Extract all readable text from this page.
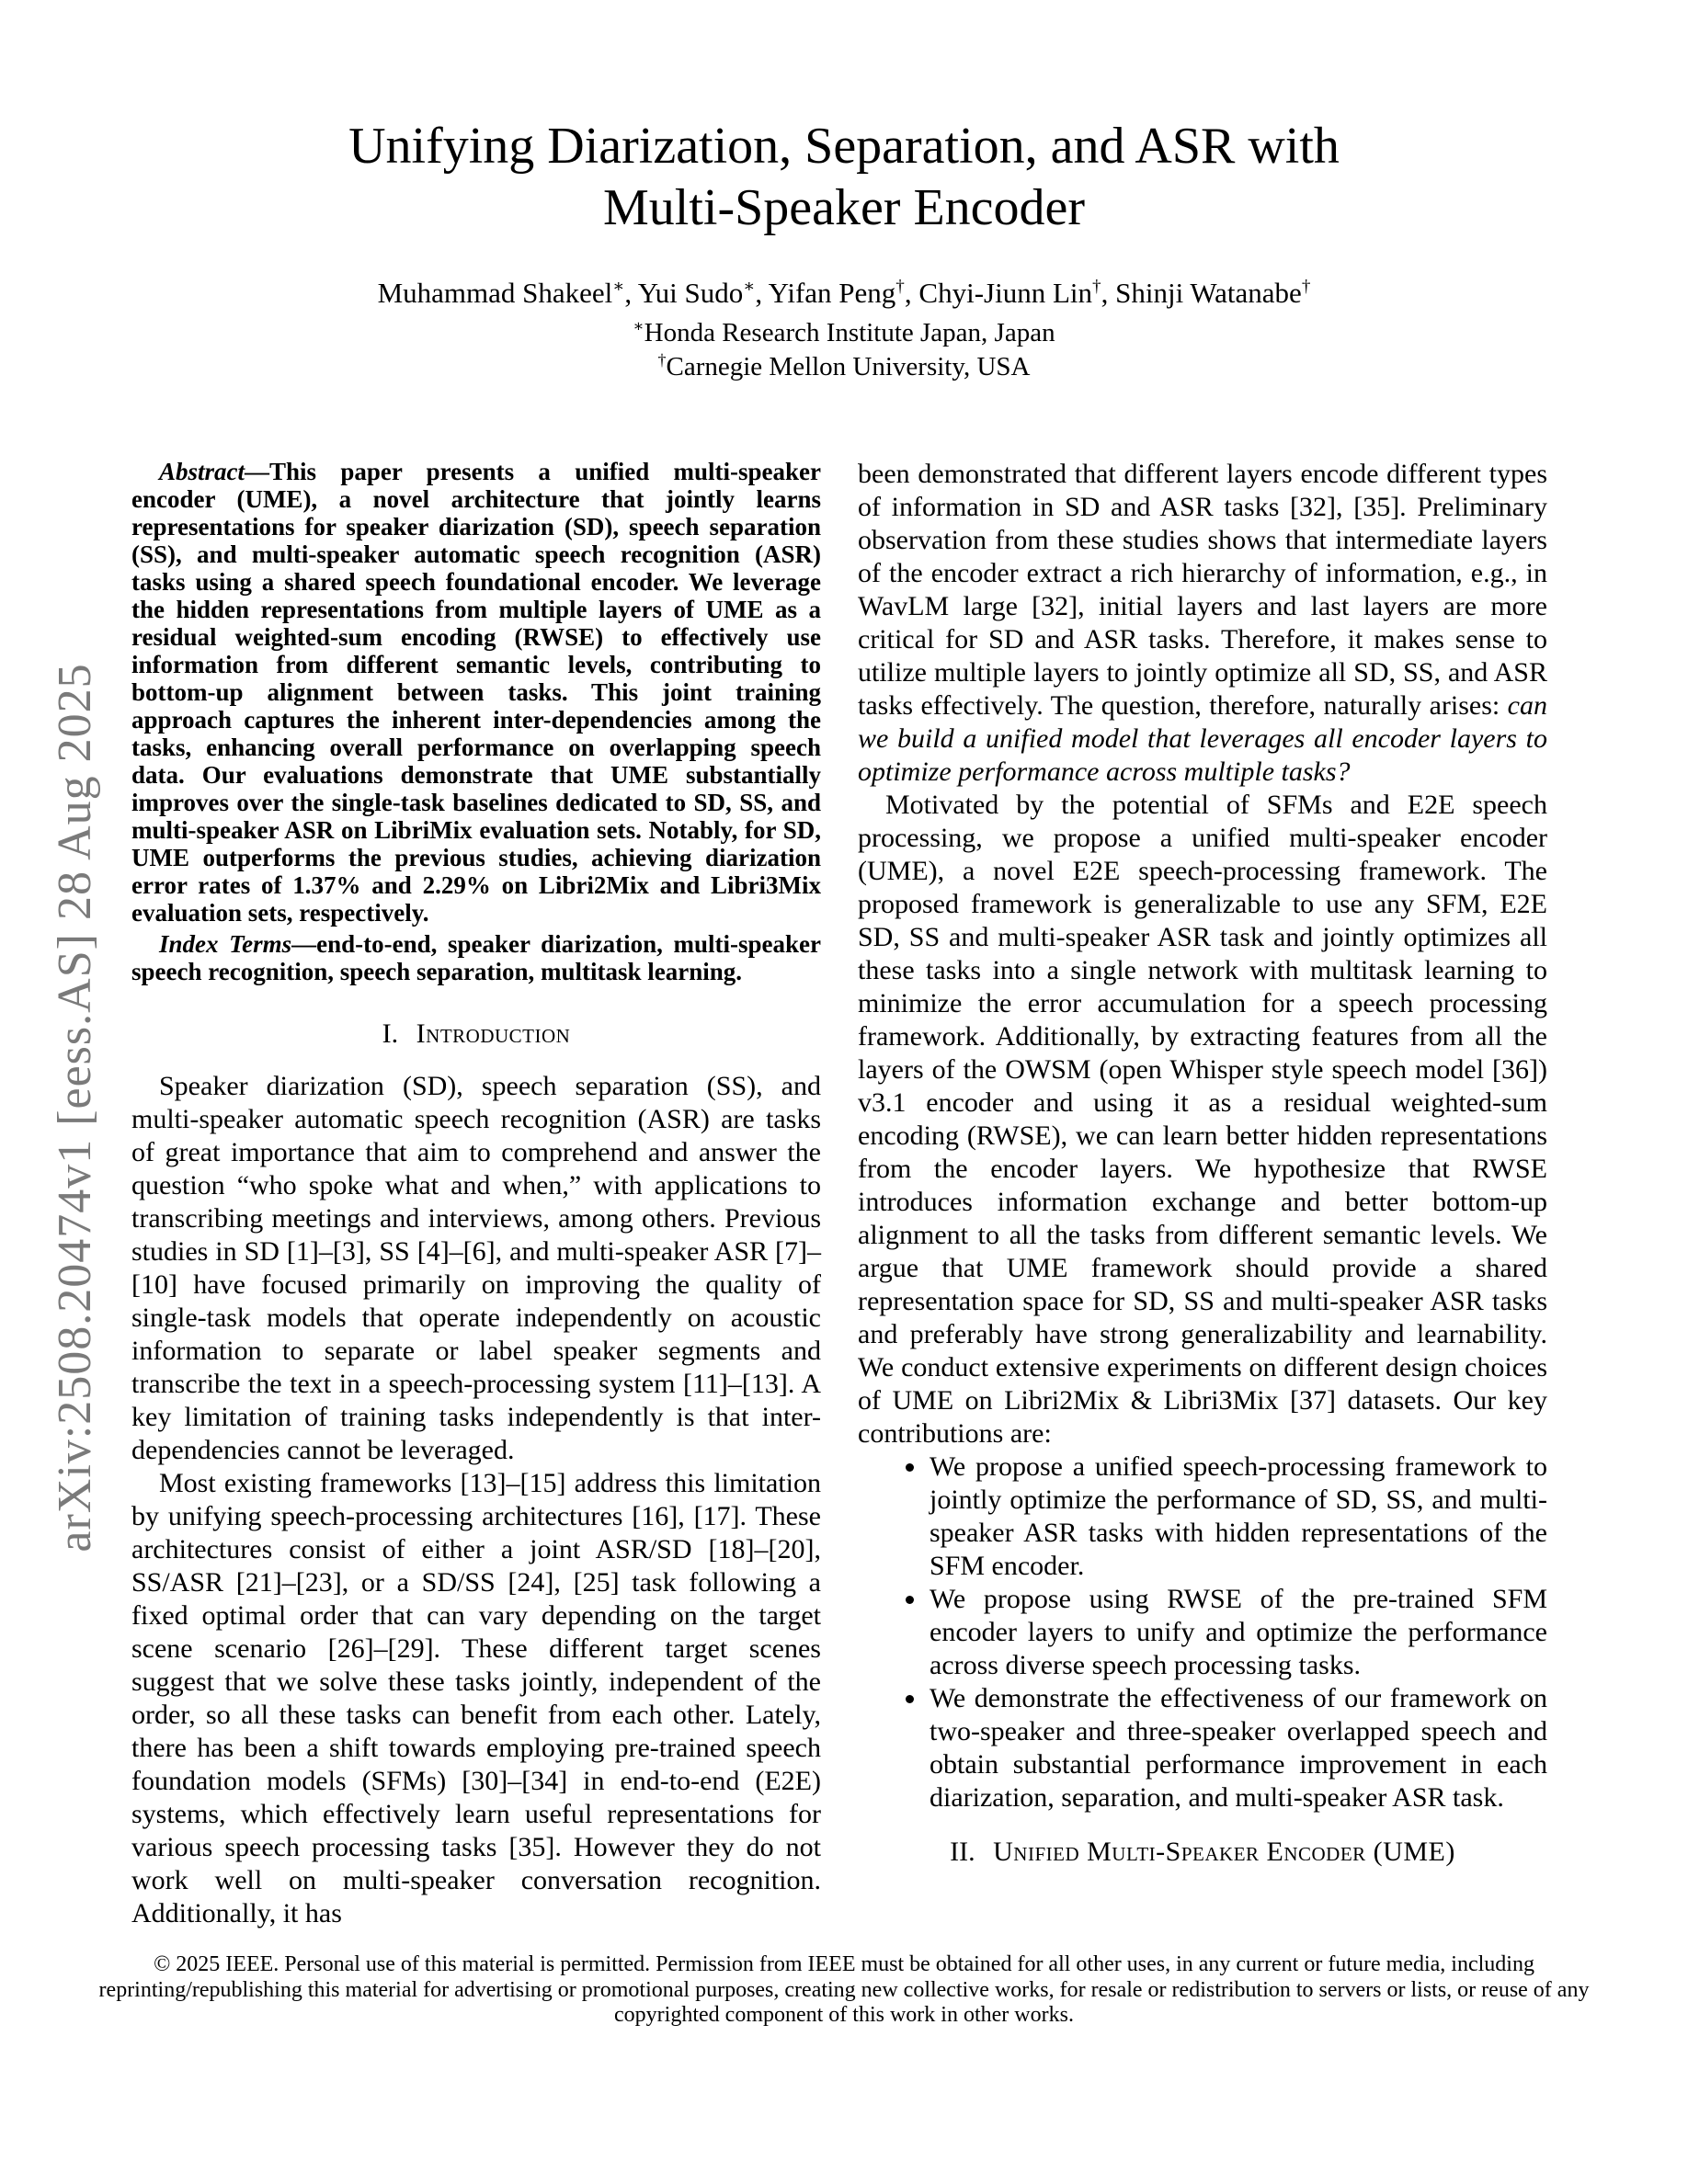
arXiv:2508.20474v1 [eess.AS] 28 Aug 2025
Unifying Diarization, Separation, and ASR with
Multi-Speaker Encoder
Muhammad Shakeel∗, Yui Sudo∗, Yifan Peng†, Chyi-Jiunn Lin†, Shinji Watanabe†
∗Honda Research Institute Japan, Japan
†Carnegie Mellon University, USA

Abstract—This paper presents a unified multi-speaker encoder (UME), a novel architecture that jointly learns representations for speaker diarization (SD), speech separation (SS), and multi-speaker automatic speech recognition (ASR) tasks using a shared speech foundational encoder. We leverage the hidden representations from multiple layers of UME as a residual weighted-sum encoding (RWSE) to effectively use information from different semantic levels, contributing to bottom-up alignment between tasks. This joint training approach captures the inherent inter-dependencies among the tasks, enhancing overall performance on overlapping speech data. Our evaluations demonstrate that UME substantially improves over the single-task baselines dedicated to SD, SS, and multi-speaker ASR on LibriMix evaluation sets. Notably, for SD, UME outperforms the previous studies, achieving diarization error rates of 1.37% and 2.29% on Libri2Mix and Libri3Mix evaluation sets, respectively.

Index Terms—end-to-end, speaker diarization, multi-speaker speech recognition, speech separation, multitask learning.

I. Introduction

Speaker diarization (SD), speech separation (SS), and multi-speaker automatic speech recognition (ASR) are tasks of great importance that aim to comprehend and answer the question “who spoke what and when,” with applications to transcribing meetings and interviews, among others. Previous studies in SD [1]–[3], SS [4]–[6], and multi-speaker ASR [7]–[10] have focused primarily on improving the quality of single-task models that operate independently on acoustic information to separate or label speaker segments and transcribe the text in a speech-processing system [11]–[13]. A key limitation of training tasks independently is that inter-dependencies cannot be leveraged.

Most existing frameworks [13]–[15] address this limitation by unifying speech-processing architectures [16], [17]. These architectures consist of either a joint ASR/SD [18]–[20], SS/ASR [21]–[23], or a SD/SS [24], [25] task following a fixed optimal order that can vary depending on the target scene scenario [26]–[29]. These different target scenes suggest that we solve these tasks jointly, independent of the order, so all these tasks can benefit from each other. Lately, there has been a shift towards employing pre-trained speech foundation models (SFMs) [30]–[34] in end-to-end (E2E) systems, which effectively learn useful representations for various speech processing tasks [35]. However they do not work well on multi-speaker conversation recognition. Additionally, it has

been demonstrated that different layers encode different types of information in SD and ASR tasks [32], [35]. Preliminary observation from these studies shows that intermediate layers of the encoder extract a rich hierarchy of information, e.g., in WavLM large [32], initial layers and last layers are more critical for SD and ASR tasks. Therefore, it makes sense to utilize multiple layers to jointly optimize all SD, SS, and ASR tasks effectively. The question, therefore, naturally arises: can we build a unified model that leverages all encoder layers to optimize performance across multiple tasks?

Motivated by the potential of SFMs and E2E speech processing, we propose a unified multi-speaker encoder (UME), a novel E2E speech-processing framework. The proposed framework is generalizable to use any SFM, E2E SD, SS and multi-speaker ASR task and jointly optimizes all these tasks into a single network with multitask learning to minimize the error accumulation for a speech processing framework. Additionally, by extracting features from all the layers of the OWSM (open Whisper style speech model [36]) v3.1 encoder and using it as a residual weighted-sum encoding (RWSE), we can learn better hidden representations from the encoder layers. We hypothesize that RWSE introduces information exchange and better bottom-up alignment to all the tasks from different semantic levels. We argue that UME framework should provide a shared representation space for SD, SS and multi-speaker ASR tasks and preferably have strong generalizability and learnability. We conduct extensive experiments on different design choices of UME on Libri2Mix & Libri3Mix [37] datasets. Our key contributions are:

• We propose a unified speech-processing framework to jointly optimize the performance of SD, SS, and multi-speaker ASR tasks with hidden representations of the SFM encoder.
• We propose using RWSE of the pre-trained SFM encoder layers to unify and optimize the performance across diverse speech processing tasks.
• We demonstrate the effectiveness of our framework on two-speaker and three-speaker overlapped speech and obtain substantial performance improvement in each diarization, separation, and multi-speaker ASR task.
II. Unified Multi-Speaker Encoder (UME)
© 2025 IEEE. Personal use of this material is permitted. Permission from IEEE must be obtained for all other uses, in any current or future media, including reprinting/republishing this material for advertising or promotional purposes, creating new collective works, for resale or redistribution to servers or lists, or reuse of any copyrighted component of this work in other works.
